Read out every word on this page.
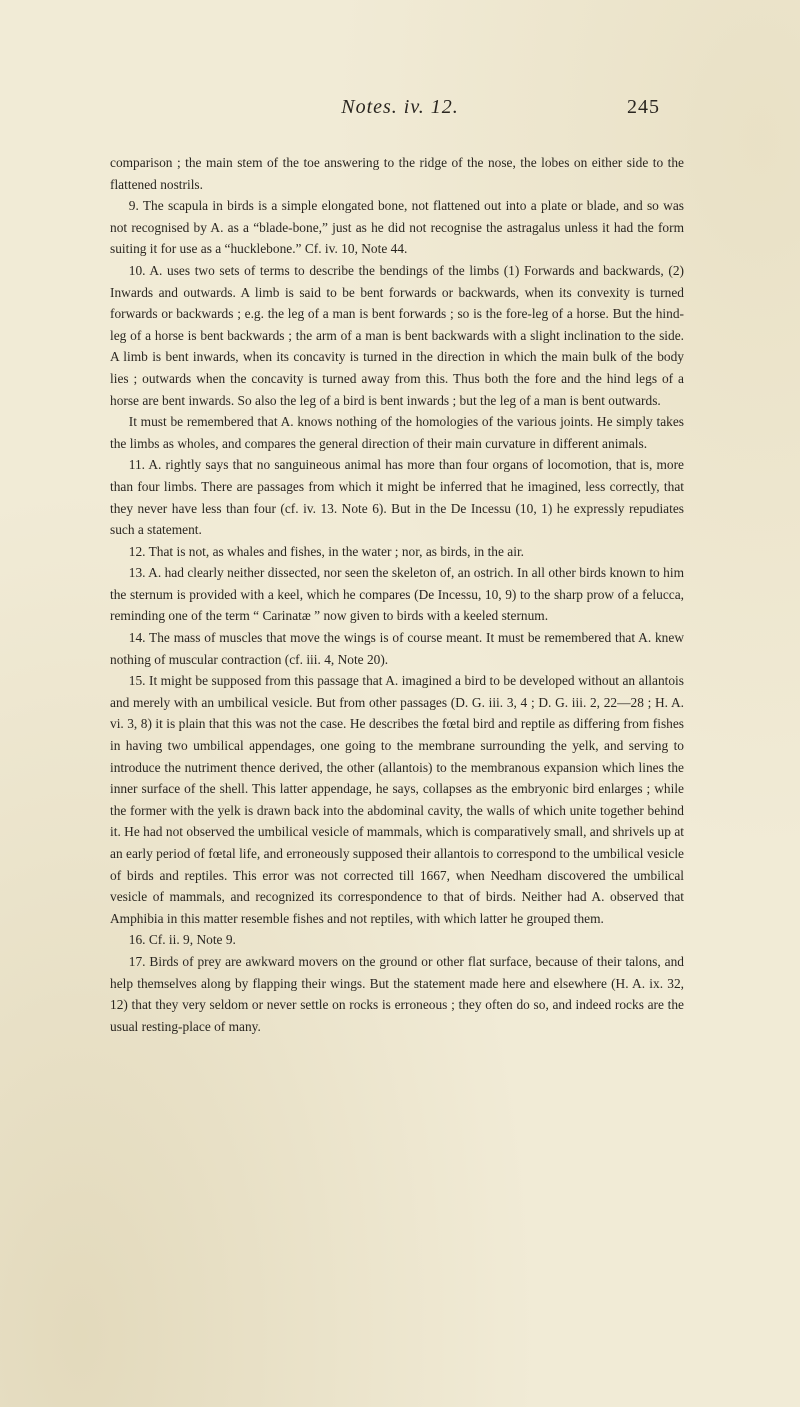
Notes. iv. 12.	245

comparison ; the main stem of the toe answering to the ridge of the nose, the lobes on either side to the flattened nostrils.

9. The scapula in birds is a simple elongated bone, not flattened out into a plate or blade, and so was not recognised by A. as a “blade-bone,” just as he did not recognise the astragalus unless it had the form suiting it for use as a “hucklebone.” Cf. iv. 10, Note 44.

10. A. uses two sets of terms to describe the bendings of the limbs (1) Forwards and backwards, (2) Inwards and outwards. A limb is said to be bent forwards or backwards, when its convexity is turned forwards or backwards ; e.g. the leg of a man is bent forwards ; so is the fore-leg of a horse. But the hind-leg of a horse is bent backwards ; the arm of a man is bent backwards with a slight inclination to the side. A limb is bent inwards, when its concavity is turned in the direction in which the main bulk of the body lies ; outwards when the concavity is turned away from this. Thus both the fore and the hind legs of a horse are bent inwards. So also the leg of a bird is bent inwards ; but the leg of a man is bent outwards.

It must be remembered that A. knows nothing of the homologies of the various joints. He simply takes the limbs as wholes, and compares the general direction of their main curvature in different animals.

11. A. rightly says that no sanguineous animal has more than four organs of locomotion, that is, more than four limbs. There are passages from which it might be inferred that he imagined, less correctly, that they never have less than four (cf. iv. 13. Note 6). But in the De Incessu (10, 1) he expressly repudiates such a statement.

12. That is not, as whales and fishes, in the water ; nor, as birds, in the air.

13. A. had clearly neither dissected, nor seen the skeleton of, an ostrich. In all other birds known to him the sternum is provided with a keel, which he compares (De Incessu, 10, 9) to the sharp prow of a felucca, reminding one of the term “ Carinatæ ” now given to birds with a keeled sternum.

14. The mass of muscles that move the wings is of course meant. It must be remembered that A. knew nothing of muscular contraction (cf. iii. 4, Note 20).

15. It might be supposed from this passage that A. imagined a bird to be developed without an allantois and merely with an umbilical vesicle. But from other passages (D. G. iii. 3, 4 ; D. G. iii. 2, 22—28 ; H. A. vi. 3, 8) it is plain that this was not the case. He describes the fœtal bird and reptile as differing from fishes in having two umbilical appendages, one going to the membrane surrounding the yelk, and serving to introduce the nutriment thence derived, the other (allantois) to the membranous expansion which lines the inner surface of the shell. This latter appendage, he says, collapses as the embryonic bird enlarges ; while the former with the yelk is drawn back into the abdominal cavity, the walls of which unite together behind it. He had not observed the umbilical vesicle of mammals, which is comparatively small, and shrivels up at an early period of fœtal life, and erroneously supposed their allantois to correspond to the umbilical vesicle of birds and reptiles. This error was not corrected till 1667, when Needham discovered the umbilical vesicle of mammals, and recognized its correspondence to that of birds. Neither had A. observed that Amphibia in this matter resemble fishes and not reptiles, with which latter he grouped them.

16. Cf. ii. 9, Note 9.

17. Birds of prey are awkward movers on the ground or other flat surface, because of their talons, and help themselves along by flapping their wings. But the statement made here and elsewhere (H. A. ix. 32, 12) that they very seldom or never settle on rocks is erroneous ; they often do so, and indeed rocks are the usual resting-place of many.
